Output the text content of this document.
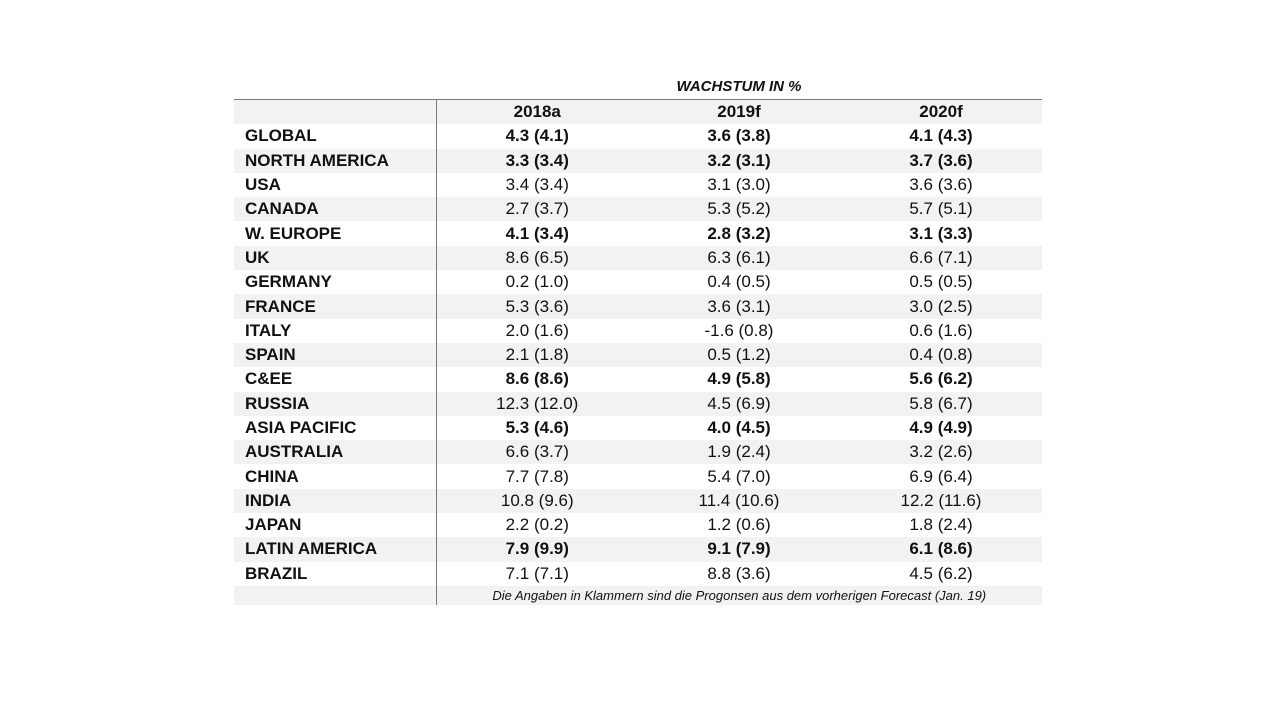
WACHSTUM IN %
	2018a	2019f	2020f
GLOBAL	4.3 (4.1)	3.6 (3.8)	4.1 (4.3)
NORTH AMERICA	3.3 (3.4)	3.2 (3.1)	3.7 (3.6)
USA	3.4 (3.4)	3.1 (3.0)	3.6 (3.6)
CANADA	2.7 (3.7)	5.3 (5.2)	5.7 (5.1)
W. EUROPE	4.1 (3.4)	2.8 (3.2)	3.1 (3.3)
UK	8.6 (6.5)	6.3 (6.1)	6.6 (7.1)
GERMANY	0.2 (1.0)	0.4 (0.5)	0.5 (0.5)
FRANCE	5.3 (3.6)	3.6 (3.1)	3.0 (2.5)
ITALY	2.0 (1.6)	-1.6 (0.8)	0.6 (1.6)
SPAIN	2.1 (1.8)	0.5 (1.2)	0.4 (0.8)
C&EE	8.6 (8.6)	4.9 (5.8)	5.6 (6.2)
RUSSIA	12.3 (12.0)	4.5 (6.9)	5.8 (6.7)
ASIA PACIFIC	5.3 (4.6)	4.0 (4.5)	4.9 (4.9)
AUSTRALIA	6.6 (3.7)	1.9 (2.4)	3.2 (2.6)
CHINA	7.7 (7.8)	5.4 (7.0)	6.9 (6.4)
INDIA	10.8 (9.6)	11.4 (10.6)	12.2 (11.6)
JAPAN	2.2 (0.2)	1.2 (0.6)	1.8 (2.4)
LATIN AMERICA	7.9 (9.9)	9.1 (7.9)	6.1 (8.6)
BRAZIL	7.1 (7.1)	8.8 (3.6)	4.5 (6.2)
	Die Angaben in Klammern sind die Progonsen aus dem vorherigen Forecast (Jan. 19)		
